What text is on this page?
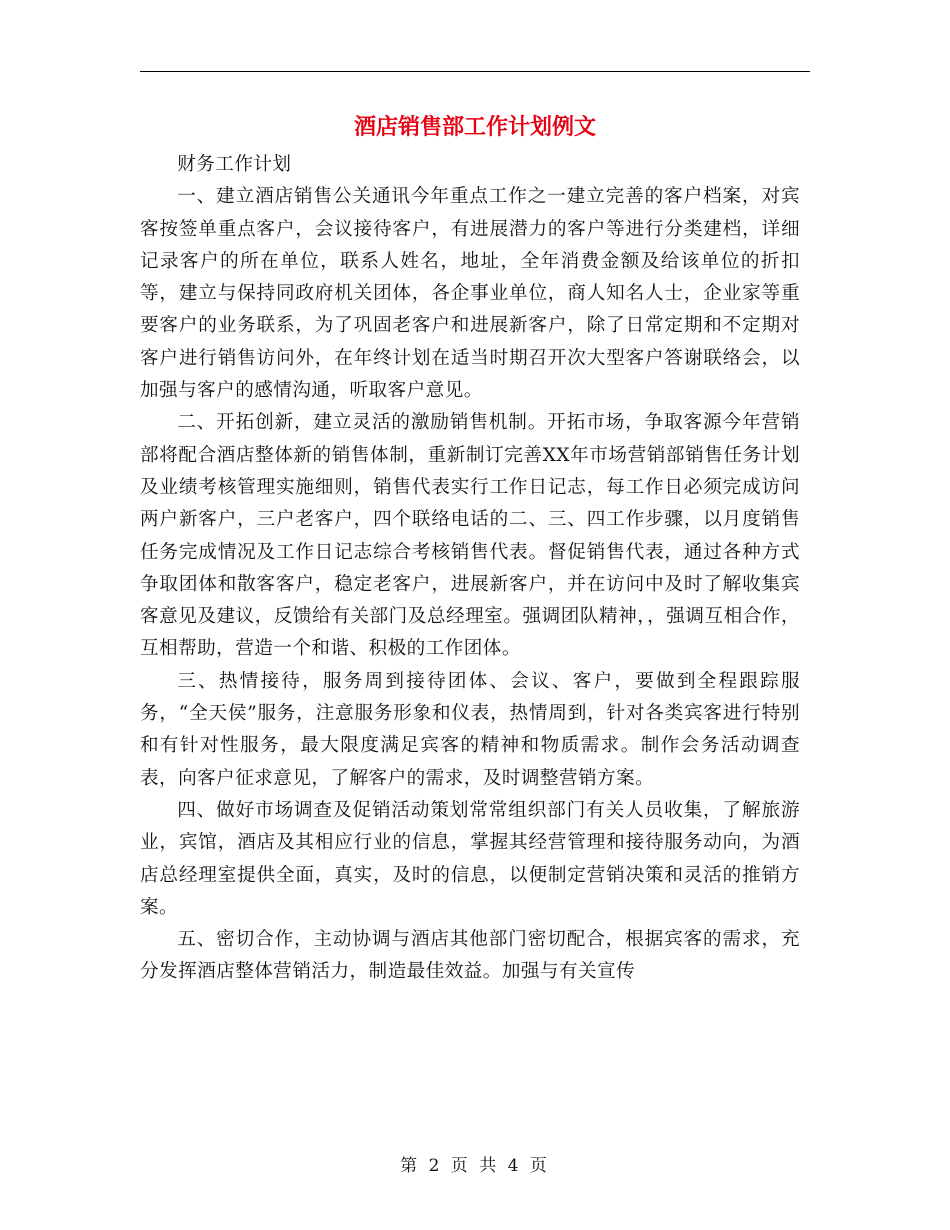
酒店销售部工作计划例文

财务工作计划

一、建立酒店销售公关通讯今年重点工作之一建立完善的客户档案，对宾客按签单重点客户，会议接待客户，有进展潜力的客户等进行分类建档，详细记录客户的所在单位，联系人姓名，地址，全年消费金额及给该单位的折扣等，建立与保持同政府机关团体，各企事业单位，商人知名人士，企业家等重要客户的业务联系，为了巩固老客户和进展新客户，除了日常定期和不定期对客户进行销售访问外，在年终计划在适当时期召开次大型客户答谢联络会，以加强与客户的感情沟通，听取客户意见。

二、开拓创新，建立灵活的激励销售机制。开拓市场，争取客源今年营销部将配合酒店整体新的销售体制，重新制订完善XX年市场营销部销售任务计划及业绩考核管理实施细则，销售代表实行工作日记志，每工作日必须完成访问两户新客户，三户老客户，四个联络电话的二、三、四工作步骤，以月度销售任务完成情况及工作日记志综合考核销售代表。督促销售代表，通过各种方式争取团体和散客客户，稳定老客户，进展新客户，并在访问中及时了解收集宾客意见及建议，反馈给有关部门及总经理室。强调团队精神，，强调互相合作，互相帮助，营造一个和谐、积极的工作团体。

三、热情接待，服务周到接待团体、会议、客户，要做到全程跟踪服务，“全天侯”服务，注意服务形象和仪表，热情周到，针对各类宾客进行特别和有针对性服务，最大限度满足宾客的精神和物质需求。制作会务活动调查表，向客户征求意见，了解客户的需求，及时调整营销方案。

四、做好市场调查及促销活动策划常常组织部门有关人员收集，了解旅游业，宾馆，酒店及其相应行业的信息，掌握其经营管理和接待服务动向，为酒店总经理室提供全面，真实，及时的信息，以便制定营销决策和灵活的推销方案。

五、密切合作，主动协调与酒店其他部门密切配合，根据宾客的需求，充分发挥酒店整体营销活力，制造最佳效益。加强与有关宣传

第 2 页 共 4 页
